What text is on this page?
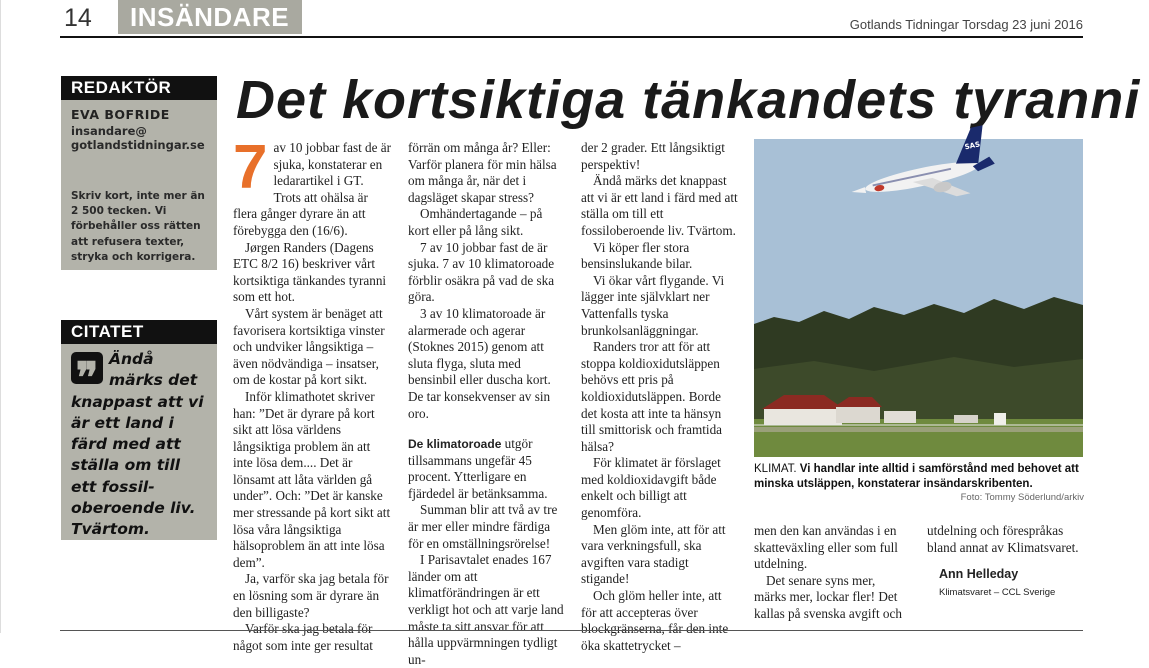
14	INSÄNDARE	Gotlands Tidningar Torsdag 23 juni 2016
REDAKTÖR
EVA BOFRIDE
insandare@
gotlandstidningar.se
Skriv kort, inte mer än 2 500 tecken. Vi förbehåller oss rätten att refusera texter, stryka och korrigera.
CITATET
❞ Ändå märks det knappast att vi är ett land i färd med att ställa om till ett fossiloberoende liv. Tvärtom.
Det kortsiktiga tänkandets tyranni
7 av 10 jobbar fast de är sjuka, konstaterar en ledarartikel i GT. Trots att ohälsa är flera gånger dyrare än att förebygga den (16/6).

Jørgen Randers (Dagens ETC 8/2 16) beskriver vårt kortsiktiga tänkandes tyranni som ett hot.

Vårt system är benäget att favorisera kortsiktiga vinster och undviker långsiktiga – även nödvändiga – insatser, om de kostar på kort sikt.

Inför klimathotet skriver han: ”Det är dyrare på kort sikt att lösa världens långsiktiga problem än att inte lösa dem.... Det är lönsamt att låta världen gå under”. Och: ”Det är kanske mer stressande på kort sikt att lösa våra långsiktiga hälsoproblem än att inte lösa dem”.

Ja, varför ska jag betala för en lösning som är dyrare än den billigaste?

Varför ska jag betala för något som inte ger resultat

förrän om många år? Eller: Varför planera för min hälsa om många år, när det i dagsläget skapar stress?

Omhändertagande – på kort eller på lång sikt.

7 av 10 jobbar fast de är sjuka. 7 av 10 klimatoroade förblir osäkra på vad de ska göra.

3 av 10 klimatoroade är alarmerade och agerar (Stoknes 2015) genom att sluta flyga, sluta med bensinbil eller duscha kort. De tar konsekvenser av sin oro.

De klimatoroade utgör tillsammans ungefär 45 procent. Ytterligare en fjärdedel är betänksamma.

Summan blir att två av tre är mer eller mindre färdiga för en omställningsrörelse!

I Parisavtalet enades 167 länder om att klimatförändringen är ett verkligt hot och att varje land måste ta sitt ansvar för att hålla uppvärmningen tydligt un-

der 2 grader. Ett långsiktigt perspektiv!

Ändå märks det knappast att vi är ett land i färd med att ställa om till ett fossiloberoende liv. Tvärtom.

Vi köper fler stora bensinslukande bilar.

Vi ökar vårt flygande. Vi lägger inte självklart ner Vattenfalls tyska brunkolsanläggningar.

Randers tror att för att stoppa koldioxidutsläppen behövs ett pris på koldioxidutsläppen. Borde det kosta att inte ta hänsyn till smittorisk och framtida hälsa?

För klimatet är förslaget med koldioxidavgift både enkelt och billigt att genomföra.

Men glöm inte, att för att vara verkningsfull, ska avgiften vara stadigt stigande!

Och glöm heller inte, att för att accepteras över blockgränserna, får den inte öka skattetrycket –

SAS
KLIMAT. Vi handlar inte alltid i samförstånd med behovet att minska utsläppen, konstaterar insändarskribenten.
Foto: Tommy Söderlund/arkiv

men den kan användas i en skatteväxling eller som full utdelning.

Det senare syns mer, märks mer, lockar fler! Det kallas på svenska avgift och

utdelning och förespråkas bland annat av Klimatsvaret.

Ann Helleday

Klimatsvaret – CCL Sverige
